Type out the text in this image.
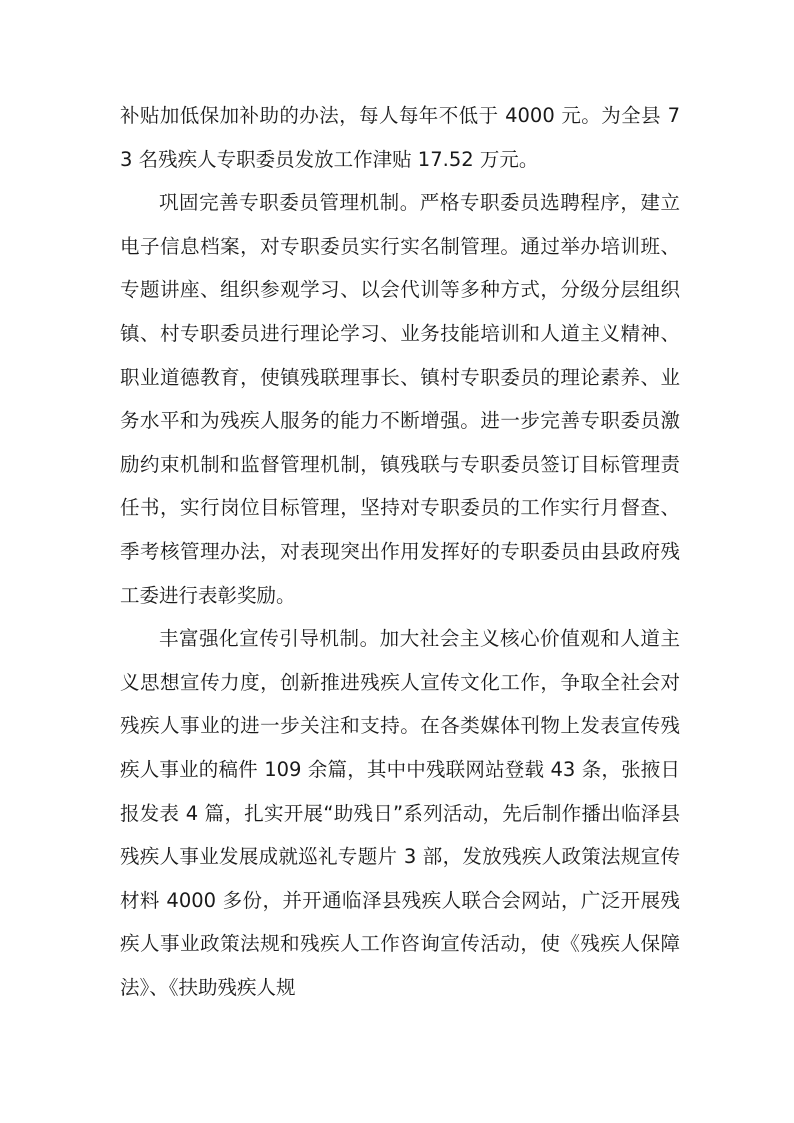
补贴加低保加补助的办法，每人每年不低于 4000 元。为全县 73 名残疾人专职委员发放工作津贴 17.52 万元。

巩固完善专职委员管理机制。严格专职委员选聘程序，建立电子信息档案，对专职委员实行实名制管理。通过举办培训班、专题讲座、组织参观学习、以会代训等多种方式，分级分层组织镇、村专职委员进行理论学习、业务技能培训和人道主义精神、职业道德教育，使镇残联理事长、镇村专职委员的理论素养、业务水平和为残疾人服务的能力不断增强。进一步完善专职委员激励约束机制和监督管理机制，镇残联与专职委员签订目标管理责任书，实行岗位目标管理，坚持对专职委员的工作实行月督查、季考核管理办法，对表现突出作用发挥好的专职委员由县政府残工委进行表彰奖励。

丰富强化宣传引导机制。加大社会主义核心价值观和人道主义思想宣传力度，创新推进残疾人宣传文化工作，争取全社会对残疾人事业的进一步关注和支持。在各类媒体刊物上发表宣传残疾人事业的稿件 109 余篇，其中中残联网站登载 43 条，张掖日报发表 4 篇，扎实开展“助残日”系列活动，先后制作播出临泽县残疾人事业发展成就巡礼专题片 3 部，发放残疾人政策法规宣传材料 4000 多份，并开通临泽县残疾人联合会网站，广泛开展残疾人事业政策法规和残疾人工作咨询宣传活动，使《残疾人保障法》、《扶助残疾人规
